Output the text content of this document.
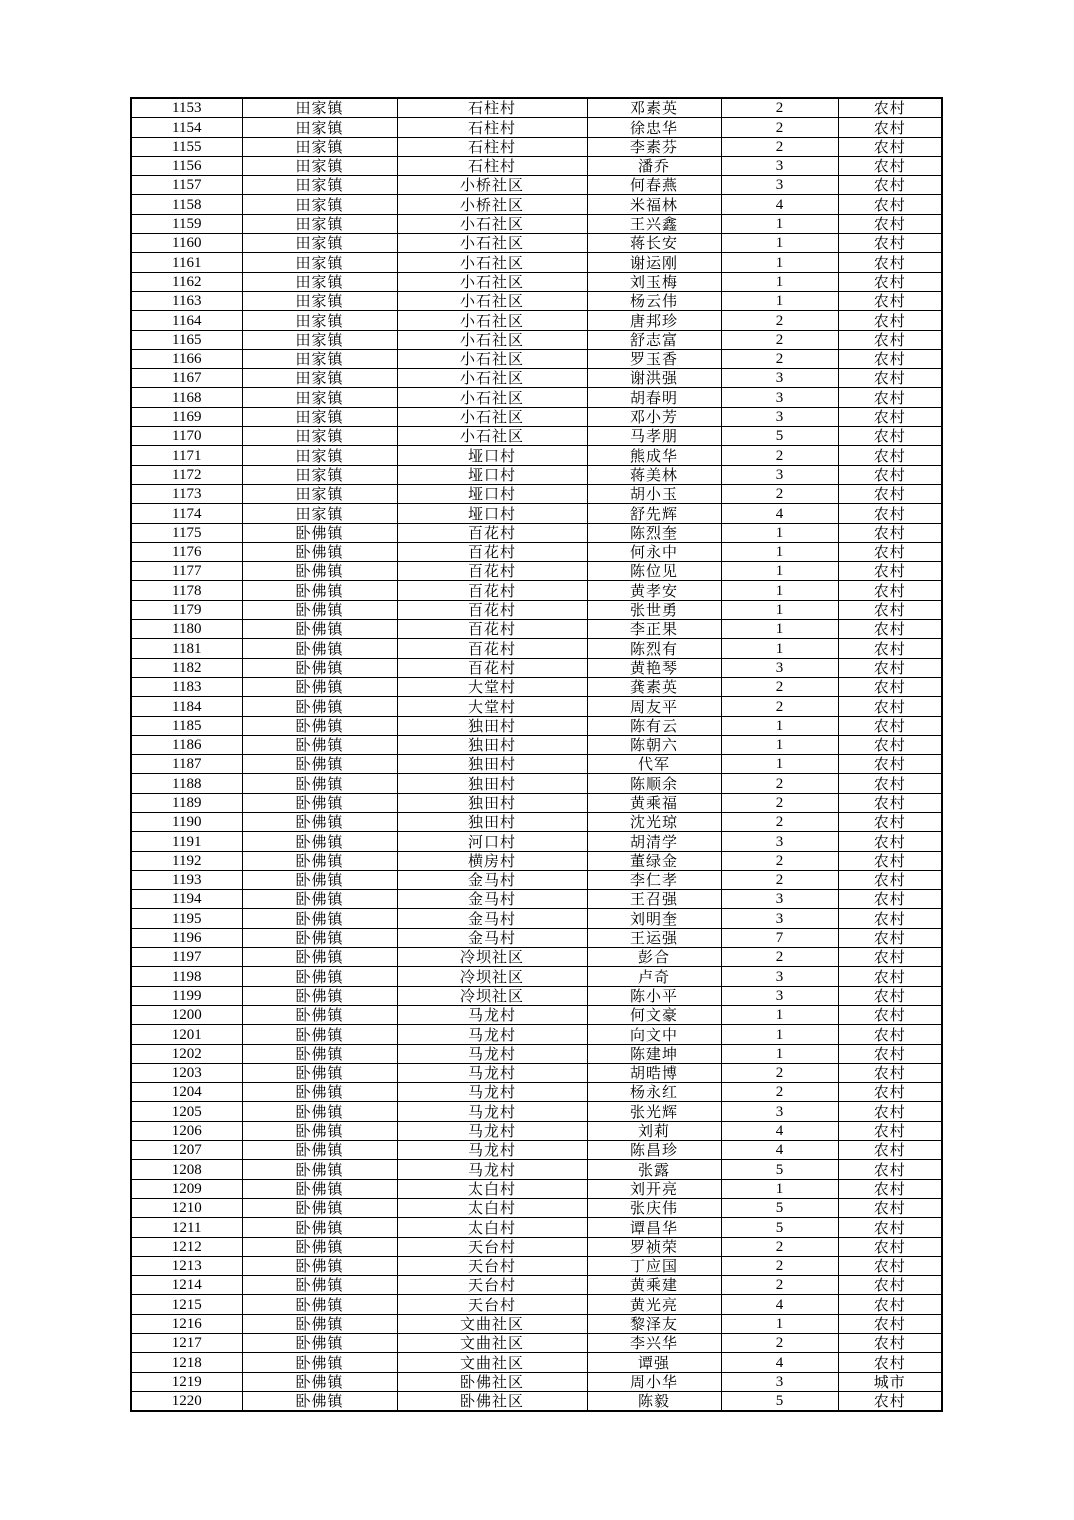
1153	田家镇	石柱村	邓素英	2	农村
1154	田家镇	石柱村	徐忠华	2	农村
1155	田家镇	石柱村	李素芬	2	农村
1156	田家镇	石柱村	潘乔	3	农村
1157	田家镇	小桥社区	何春燕	3	农村
1158	田家镇	小桥社区	米福林	4	农村
1159	田家镇	小石社区	王兴鑫	1	农村
1160	田家镇	小石社区	蒋长安	1	农村
1161	田家镇	小石社区	谢运刚	1	农村
1162	田家镇	小石社区	刘玉梅	1	农村
1163	田家镇	小石社区	杨云伟	1	农村
1164	田家镇	小石社区	唐邦珍	2	农村
1165	田家镇	小石社区	舒志富	2	农村
1166	田家镇	小石社区	罗玉香	2	农村
1167	田家镇	小石社区	谢洪强	3	农村
1168	田家镇	小石社区	胡春明	3	农村
1169	田家镇	小石社区	邓小芳	3	农村
1170	田家镇	小石社区	马孝朋	5	农村
1171	田家镇	垭口村	熊成华	2	农村
1172	田家镇	垭口村	蒋美林	3	农村
1173	田家镇	垭口村	胡小玉	2	农村
1174	田家镇	垭口村	舒先辉	4	农村
1175	卧佛镇	百花村	陈烈奎	1	农村
1176	卧佛镇	百花村	何永中	1	农村
1177	卧佛镇	百花村	陈位见	1	农村
1178	卧佛镇	百花村	黄孝安	1	农村
1179	卧佛镇	百花村	张世勇	1	农村
1180	卧佛镇	百花村	李正果	1	农村
1181	卧佛镇	百花村	陈烈有	1	农村
1182	卧佛镇	百花村	黄艳琴	3	农村
1183	卧佛镇	大堂村	龚素英	2	农村
1184	卧佛镇	大堂村	周友平	2	农村
1185	卧佛镇	独田村	陈有云	1	农村
1186	卧佛镇	独田村	陈朝六	1	农村
1187	卧佛镇	独田村	代军	1	农村
1188	卧佛镇	独田村	陈顺余	2	农村
1189	卧佛镇	独田村	黄乘福	2	农村
1190	卧佛镇	独田村	沈光琼	2	农村
1191	卧佛镇	河口村	胡清学	3	农村
1192	卧佛镇	横房村	董绿金	2	农村
1193	卧佛镇	金马村	李仁孝	2	农村
1194	卧佛镇	金马村	王召强	3	农村
1195	卧佛镇	金马村	刘明奎	3	农村
1196	卧佛镇	金马村	王运强	7	农村
1197	卧佛镇	冷坝社区	彭合	2	农村
1198	卧佛镇	冷坝社区	卢奇	3	农村
1199	卧佛镇	冷坝社区	陈小平	3	农村
1200	卧佛镇	马龙村	何文豪	1	农村
1201	卧佛镇	马龙村	向文中	1	农村
1202	卧佛镇	马龙村	陈建坤	1	农村
1203	卧佛镇	马龙村	胡晧博	2	农村
1204	卧佛镇	马龙村	杨永红	2	农村
1205	卧佛镇	马龙村	张光辉	3	农村
1206	卧佛镇	马龙村	刘莉	4	农村
1207	卧佛镇	马龙村	陈昌珍	4	农村
1208	卧佛镇	马龙村	张露	5	农村
1209	卧佛镇	太白村	刘开亮	1	农村
1210	卧佛镇	太白村	张庆伟	5	农村
1211	卧佛镇	太白村	谭昌华	5	农村
1212	卧佛镇	天台村	罗祯荣	2	农村
1213	卧佛镇	天台村	丁应国	2	农村
1214	卧佛镇	天台村	黄乘建	2	农村
1215	卧佛镇	天台村	黄光亮	4	农村
1216	卧佛镇	文曲社区	黎泽友	1	农村
1217	卧佛镇	文曲社区	李兴华	2	农村
1218	卧佛镇	文曲社区	谭强	4	农村
1219	卧佛镇	卧佛社区	周小华	3	城市
1220	卧佛镇	卧佛社区	陈毅	5	农村
